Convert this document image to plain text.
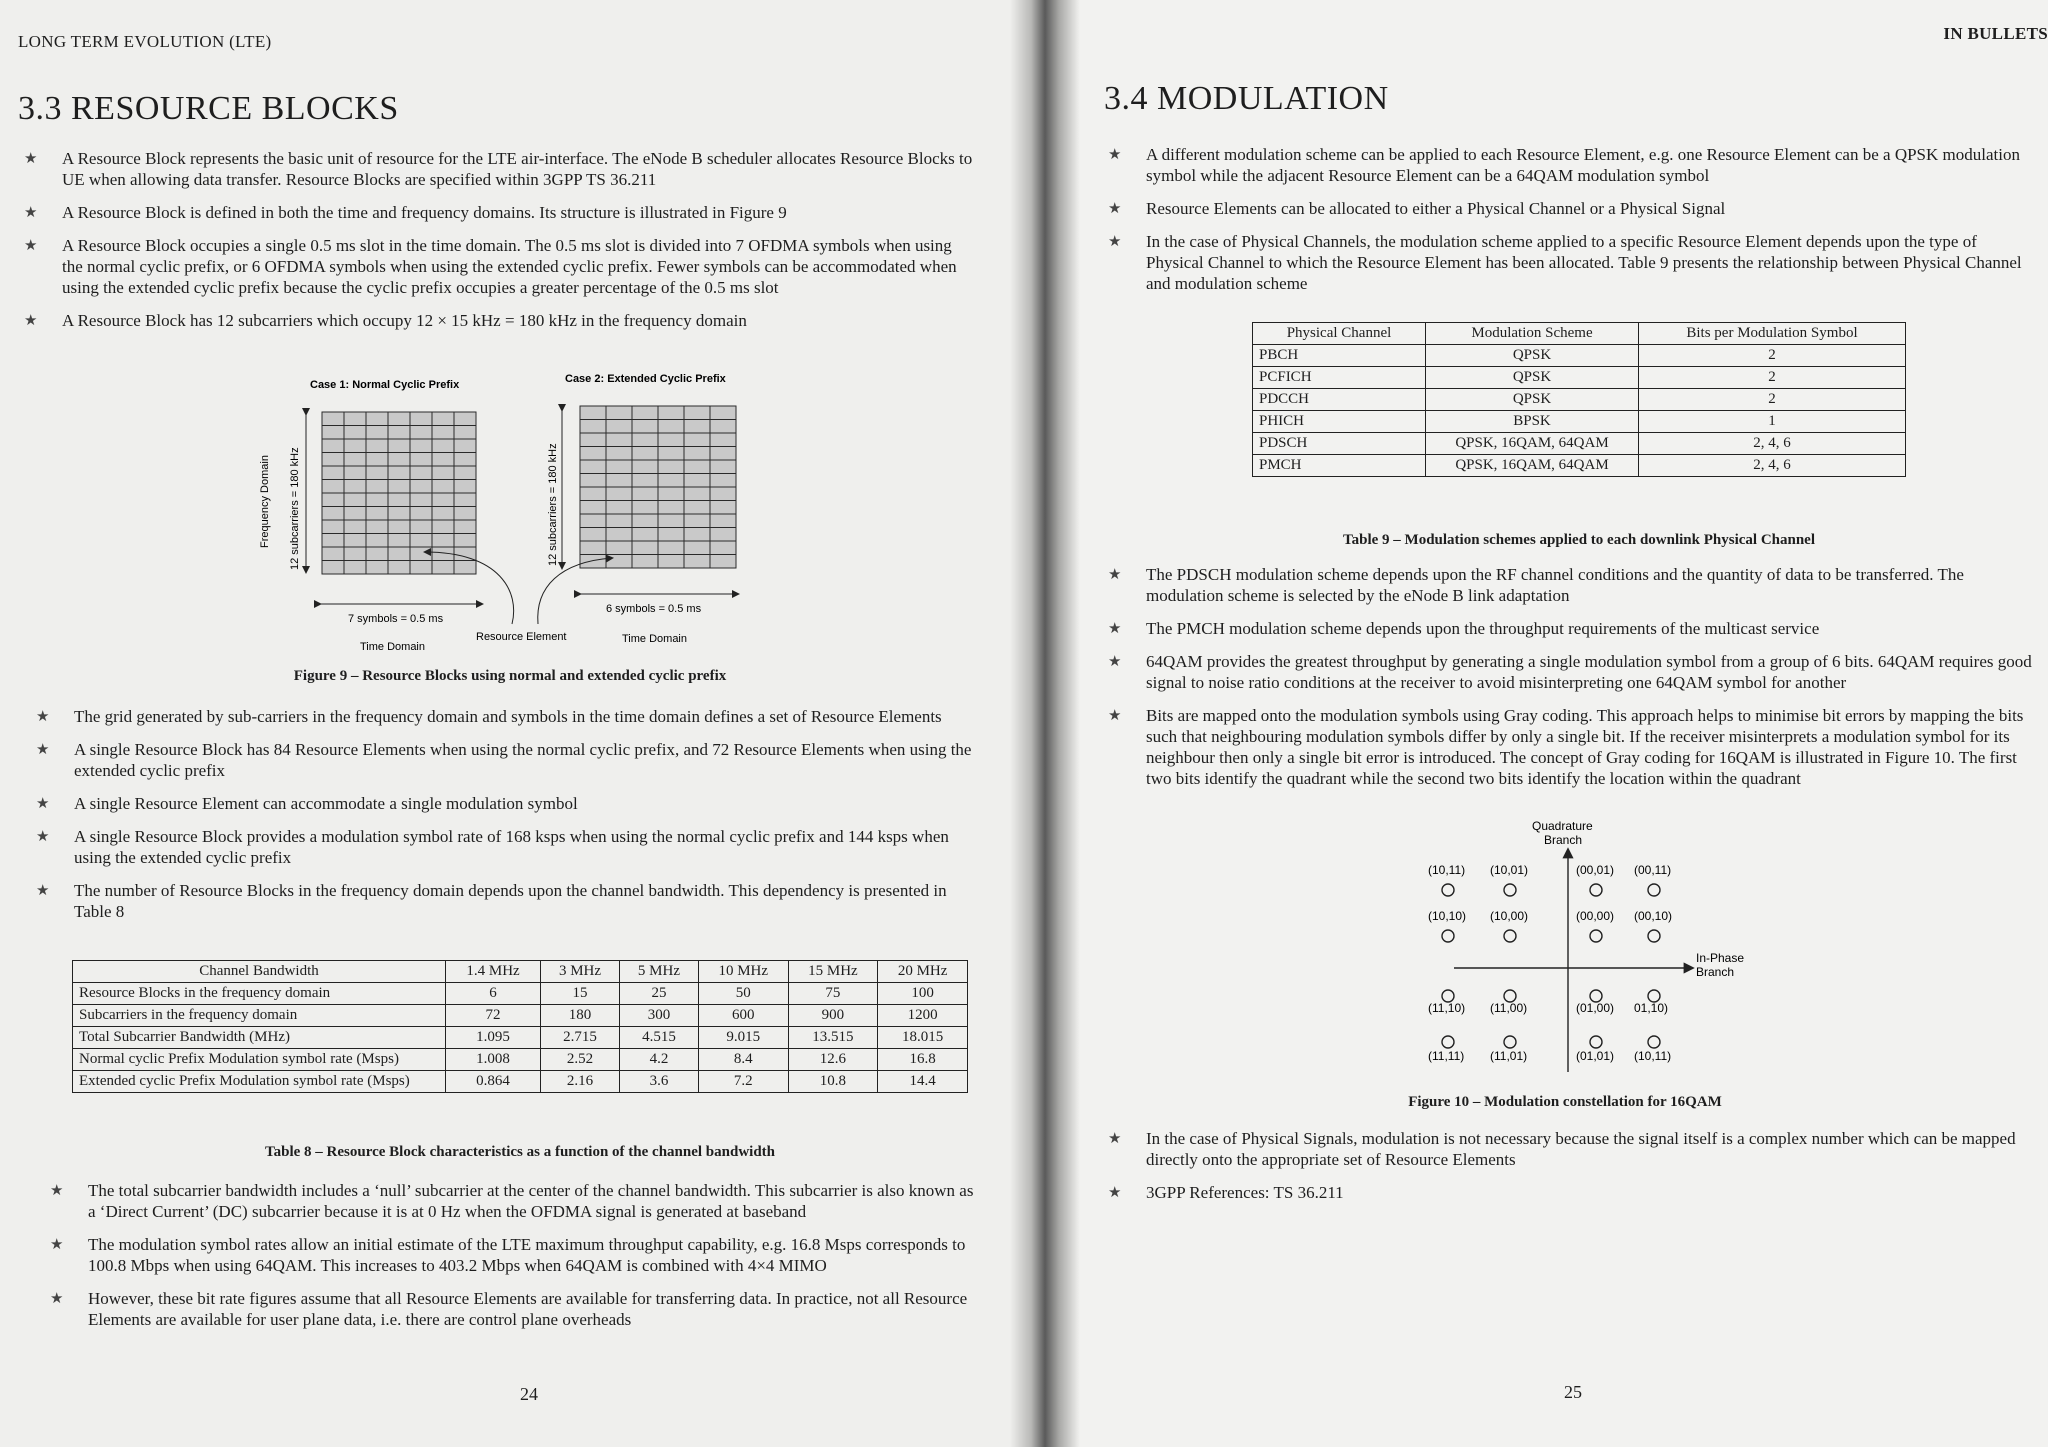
LONG TERM EVOLUTION (LTE)
3.3 RESOURCE BLOCKS
★ A Resource Block represents the basic unit of resource for the LTE air-interface. The eNode B scheduler allocates Resource Blocks to UE when allowing data transfer. Resource Blocks are specified within 3GPP TS 36.211
★ A Resource Block is defined in both the time and frequency domains. Its structure is illustrated in Figure 9
★ A Resource Block occupies a single 0.5 ms slot in the time domain. The 0.5 ms slot is divided into 7 OFDMA symbols when using the normal cyclic prefix, or 6 OFDMA symbols when using the extended cyclic prefix. Fewer symbols can be accommodated when using the extended cyclic prefix because the cyclic prefix occupies a greater percentage of the 0.5 ms slot
★ A Resource Block has 12 subcarriers which occupy 12 × 15 kHz = 180 kHz in the frequency domain
Case 1: Normal Cyclic Prefix	Case 2: Extended Cyclic Prefix
Frequency Domain 12 subcarriers = 180 kHz	12 subcarriers = 180 kHz
7 symbols = 0.5 ms
6 symbols = 0.5 ms
Time Domain
Time Domain
Resource Element
Figure 9 – Resource Blocks using normal and extended cyclic prefix
★ The grid generated by sub-carriers in the frequency domain and symbols in the time domain defines a set of Resource Elements
★ A single Resource Block has 84 Resource Elements when using the normal cyclic prefix, and 72 Resource Elements when using the extended cyclic prefix
★ A single Resource Element can accommodate a single modulation symbol
★ A single Resource Block provides a modulation symbol rate of 168 ksps when using the normal cyclic prefix and 144 ksps when using the extended cyclic prefix
★ The number of Resource Blocks in the frequency domain depends upon the channel bandwidth. This dependency is presented in Table 8
Channel Bandwidth	1.4 MHz	3 MHz	5 MHz	10 MHz	15 MHz	20 MHz
Resource Blocks in the frequency domain	6	15	25	50	75	100
Subcarriers in the frequency domain	72	180	300	600	900	1200
Total Subcarrier Bandwidth (MHz)	1.095	2.715	4.515	9.015	13.515	18.015
Normal cyclic Prefix Modulation symbol rate (Msps)	1.008	2.52	4.2	8.4	12.6	16.8
Extended cyclic Prefix Modulation symbol rate (Msps)	0.864	2.16	3.6	7.2	10.8	14.4
Table 8 – Resource Block characteristics as a function of the channel bandwidth
★ The total subcarrier bandwidth includes a ‘null’ subcarrier at the center of the channel bandwidth. This subcarrier is also known as a ‘Direct Current’ (DC) subcarrier because it is at 0 Hz when the OFDMA signal is generated at baseband
★ The modulation symbol rates allow an initial estimate of the LTE maximum throughput capability, e.g. 16.8 Msps corresponds to 100.8 Mbps when using 64QAM. This increases to 403.2 Mbps when 64QAM is combined with 4×4 MIMO
★ However, these bit rate figures assume that all Resource Elements are available for transferring data. In practice, not all Resource Elements are available for user plane data, i.e. there are control plane overheads
24
IN BULLETS
3.4 MODULATION
★ A different modulation scheme can be applied to each Resource Element, e.g. one Resource Element can be a QPSK modulation symbol while the adjacent Resource Element can be a 64QAM modulation symbol
★ Resource Elements can be allocated to either a Physical Channel or a Physical Signal
★ In the case of Physical Channels, the modulation scheme applied to a specific Resource Element depends upon the type of Physical Channel to which the Resource Element has been allocated. Table 9 presents the relationship between Physical Channel and modulation scheme
Physical Channel	Modulation Scheme	Bits per Modulation Symbol
PBCH	QPSK	2
PCFICH	QPSK	2
PDCCH	QPSK	2
PHICH	BPSK	1
PDSCH	QPSK, 16QAM, 64QAM	2, 4, 6
PMCH	QPSK, 16QAM, 64QAM	2, 4, 6
Table 9 – Modulation schemes applied to each downlink Physical Channel
★ The PDSCH modulation scheme depends upon the RF channel conditions and the quantity of data to be transferred. The modulation scheme is selected by the eNode B link adaptation
★ The PMCH modulation scheme depends upon the throughput requirements of the multicast service
★ 64QAM provides the greatest throughput by generating a single modulation symbol from a group of 6 bits. 64QAM requires good signal to noise ratio conditions at the receiver to avoid misinterpreting one 64QAM symbol for another
★ Bits are mapped onto the modulation symbols using Gray coding. This approach helps to minimise bit errors by mapping the bits such that neighbouring modulation symbols differ by only a single bit. If the receiver misinterprets a modulation symbol for its neighbour then only a single bit error is introduced. The concept of Gray coding for 16QAM is illustrated in Figure 10. The first two bits identify the quadrant while the second two bits identify the location within the quadrant
Quadrature
Branch
In-Phase
Branch
(10,11) (10,01)	(00,01) (00,11)
(10,10) (10,00)	(00,00) (00,10)
(11,10) (11,00)	(01,00) 01,10)
(11,11) (11,01)	(01,01) (10,11)
Figure 10 – Modulation constellation for 16QAM
★ In the case of Physical Signals, modulation is not necessary because the signal itself is a complex number which can be mapped directly onto the appropriate set of Resource Elements
★ 3GPP References: TS 36.211
25
